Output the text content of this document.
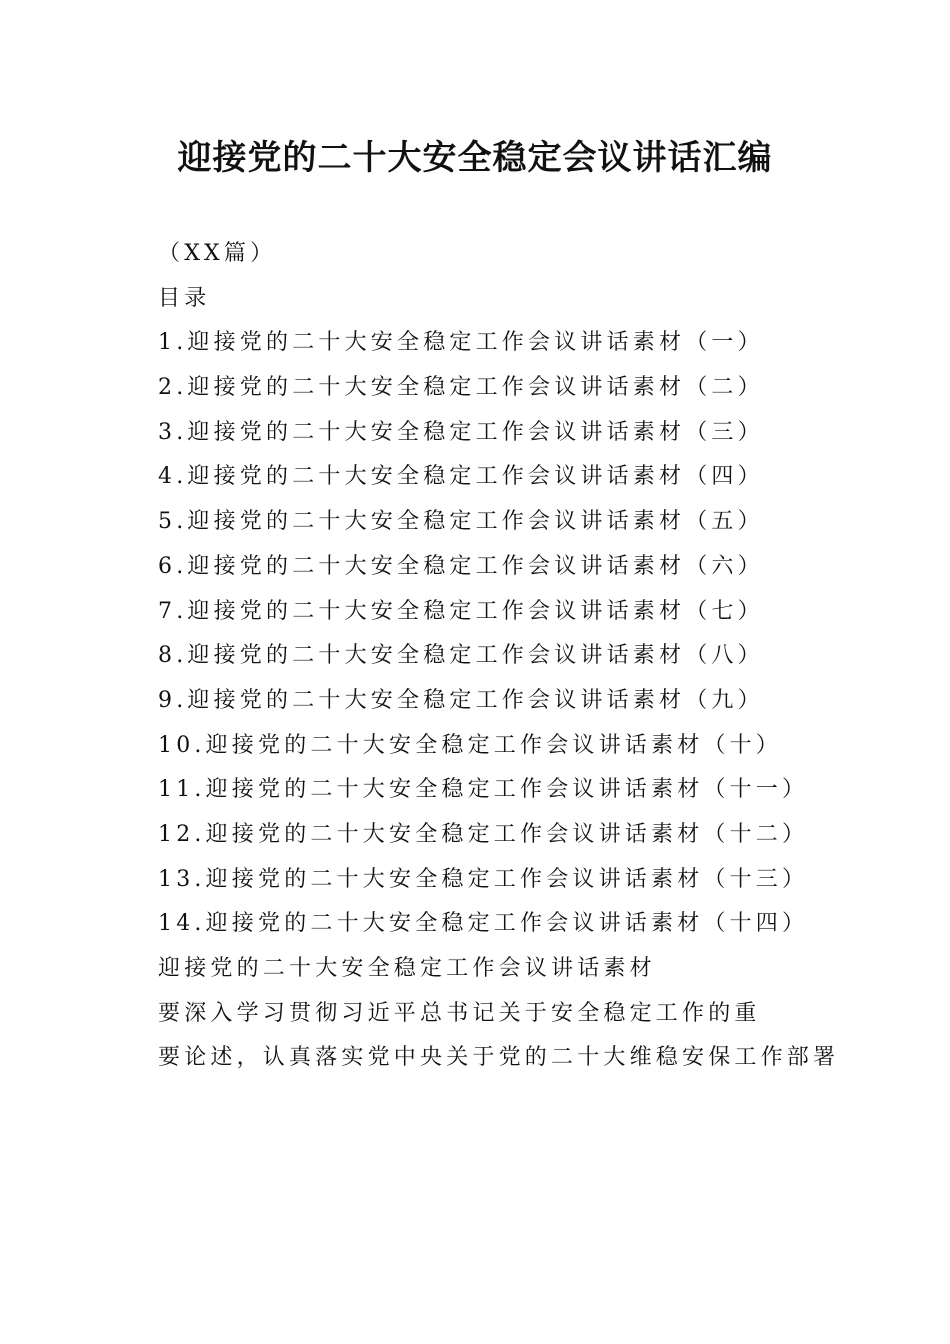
迎接党的二十大安全稳定会议讲话汇编

（XX篇）

目录

1.迎接党的二十大安全稳定工作会议讲话素材（一）
2.迎接党的二十大安全稳定工作会议讲话素材（二）
3.迎接党的二十大安全稳定工作会议讲话素材（三）
4.迎接党的二十大安全稳定工作会议讲话素材（四）
5.迎接党的二十大安全稳定工作会议讲话素材（五）
6.迎接党的二十大安全稳定工作会议讲话素材（六）
7.迎接党的二十大安全稳定工作会议讲话素材（七）
8.迎接党的二十大安全稳定工作会议讲话素材（八）
9.迎接党的二十大安全稳定工作会议讲话素材（九）
10.迎接党的二十大安全稳定工作会议讲话素材（十）
11.迎接党的二十大安全稳定工作会议讲话素材（十一）
12.迎接党的二十大安全稳定工作会议讲话素材（十二）
13.迎接党的二十大安全稳定工作会议讲话素材（十三）
14.迎接党的二十大安全稳定工作会议讲话素材（十四）

迎接党的二十大安全稳定工作会议讲话素材

要深入学习贯彻习近平总书记关于安全稳定工作的重

要论述，认真落实党中央关于党的二十大维稳安保工作部署
